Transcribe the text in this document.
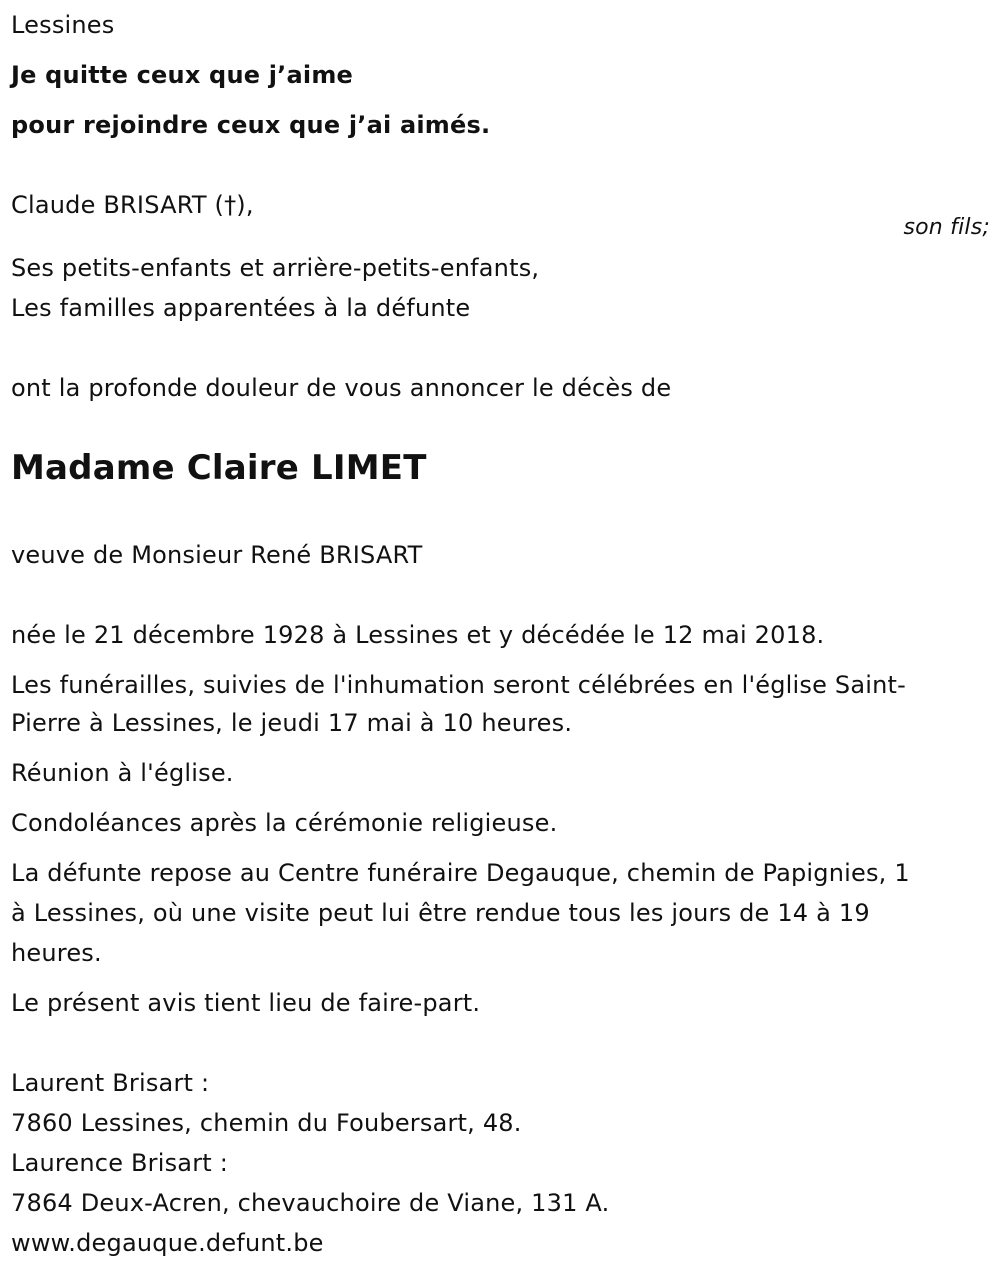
Lessines
Je quitte ceux que j’aime
pour rejoindre ceux que j’ai aimés.
Claude BRISART (†),
son fils;
Ses petits-enfants et arrière-petits-enfants,
Les familles apparentées à la défunte
ont la profonde douleur de vous annoncer le décès de
Madame Claire LIMET
veuve de Monsieur René BRISART
née le 21 décembre 1928 à Lessines et y décédée le 12 mai 2018.
Les funérailles, suivies de l'inhumation seront célébrées en l'église Saint-
Pierre à Lessines, le jeudi 17 mai à 10 heures.
Réunion à l'église.
Condoléances après la cérémonie religieuse.
La défunte repose au Centre funéraire Degauque, chemin de Papignies, 1
à Lessines, où une visite peut lui être rendue tous les jours de 14 à 19
heures.
Le présent avis tient lieu de faire-part.
Laurent Brisart :
7860 Lessines, chemin du Foubersart, 48.
Laurence Brisart :
7864 Deux-Acren, chevauchoire de Viane, 131 A.
www.degauque.defunt.be
